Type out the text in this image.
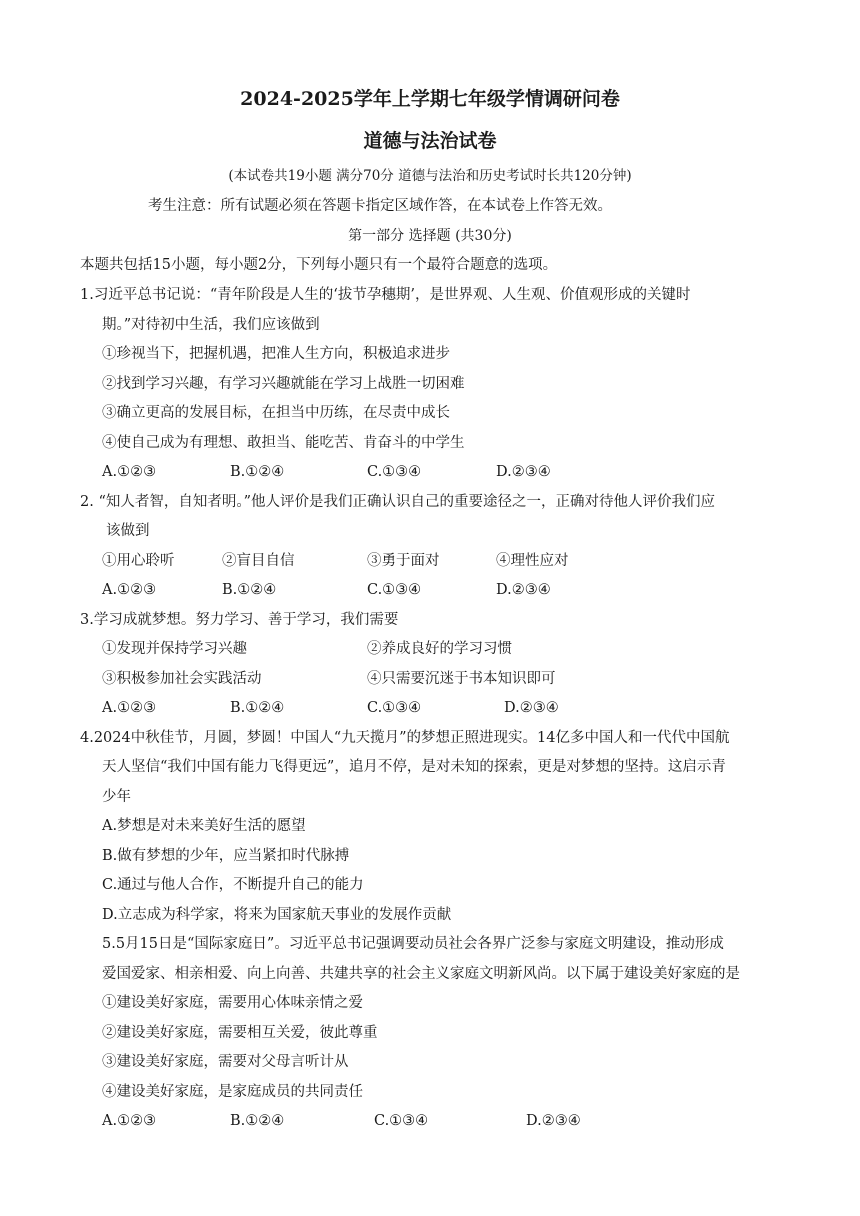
2024-2025学年上学期七年级学情调研问卷
道德与法治试卷
(本试卷共19小题 满分70分 道德与法治和历史考试时长共120分钟)
考生注意：所有试题必须在答题卡指定区域作答，在本试卷上作答无效。
第一部分 选择题 (共30分)
本题共包括15小题，每小题2分，下列每小题只有一个最符合题意的选项。
1.习近平总书记说：“青年阶段是人生的‘拔节孕穗期’，是世界观、人生观、价值观形成的关键时
期。”对待初中生活，我们应该做到
①珍视当下，把握机遇，把准人生方向，积极追求进步
②找到学习兴趣，有学习兴趣就能在学习上战胜一切困难
③确立更高的发展目标，在担当中历练，在尽责中成长
④使自己成为有理想、敢担当、能吃苦、肯奋斗的中学生
A.①②③	B.①②④	C.①③④	D.②③④
2. “知人者智，自知者明。”他人评价是我们正确认识自己的重要途径之一，正确对待他人评价我们应
该做到
①用心聆听	②盲目自信	③勇于面对	④理性应对
A.①②③	B.①②④	C.①③④	D.②③④
3.学习成就梦想。努力学习、善于学习，我们需要
①发现并保持学习兴趣	②养成良好的学习习惯
③积极参加社会实践活动	④只需要沉迷于书本知识即可
A.①②③	B.①②④	C.①③④	D.②③④
4.2024中秋佳节，月圆，梦圆！中国人“九天揽月”的梦想正照进现实。14亿多中国人和一代代中国航
天人坚信“我们中国有能力飞得更远”，追月不停，是对未知的探索，更是对梦想的坚持。这启示青
少年
A.梦想是对未来美好生活的愿望
B.做有梦想的少年，应当紧扣时代脉搏
C.通过与他人合作，不断提升自己的能力
D.立志成为科学家，将来为国家航天事业的发展作贡献
5.5月15日是“国际家庭日”。习近平总书记强调要动员社会各界广泛参与家庭文明建设，推动形成
爱国爱家、相亲相爱、向上向善、共建共享的社会主义家庭文明新风尚。以下属于建设美好家庭的是
①建设美好家庭，需要用心体味亲情之爱
②建设美好家庭，需要相互关爱，彼此尊重
③建设美好家庭，需要对父母言听计从
④建设美好家庭，是家庭成员的共同责任
A.①②③	B.①②④	C.①③④	D.②③④
